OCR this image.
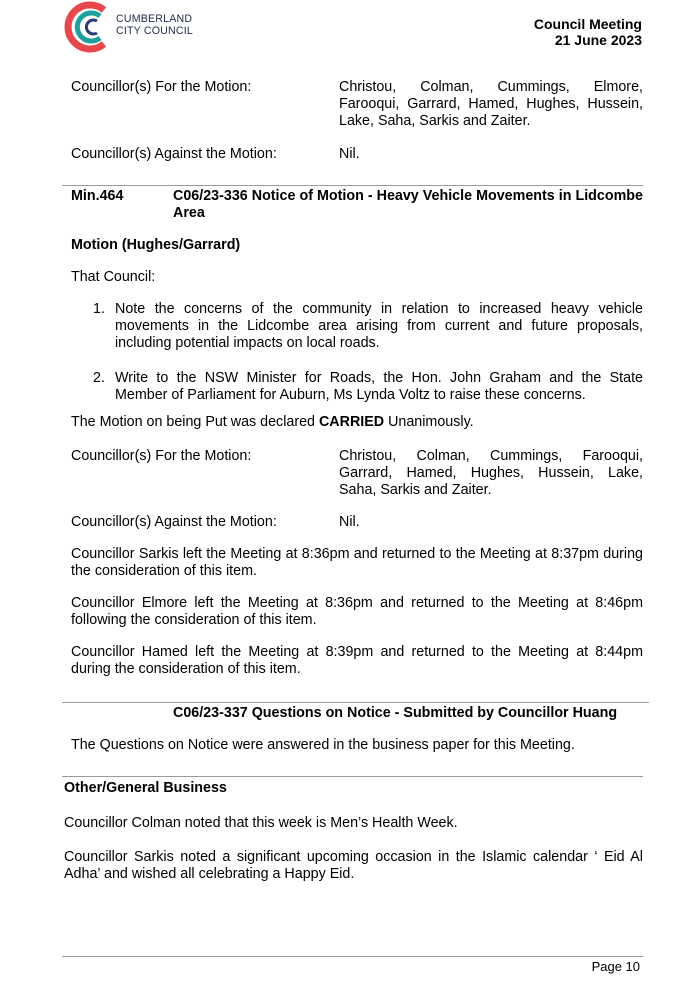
CUMBERLAND
CITY COUNCIL	Council Meeting
21 June 2023
Councillor(s) For the Motion:	Christou, Colman, Cummings, Elmore, Farooqui, Garrard, Hamed, Hughes, Hussein, Lake, Saha, Sarkis and Zaiter.
Councillor(s) Against the Motion:	Nil.
Min.464	C06/23-336 Notice of Motion - Heavy Vehicle Movements in Lidcombe Area
Motion (Hughes/Garrard)
That Council:
1. Note the concerns of the community in relation to increased heavy vehicle movements in the Lidcombe area arising from current and future proposals, including potential impacts on local roads.
2. Write to the NSW Minister for Roads, the Hon. John Graham and the State Member of Parliament for Auburn, Ms Lynda Voltz to raise these concerns.
The Motion on being Put was declared CARRIED Unanimously.
Councillor(s) For the Motion:	Christou, Colman, Cummings, Farooqui, Garrard, Hamed, Hughes, Hussein, Lake, Saha, Sarkis and Zaiter.
Councillor(s) Against the Motion:	Nil.
Councillor Sarkis left the Meeting at 8:36pm and returned to the Meeting at 8:37pm during the consideration of this item.
Councillor Elmore left the Meeting at 8:36pm and returned to the Meeting at 8:46pm following the consideration of this item.
Councillor Hamed left the Meeting at 8:39pm and returned to the Meeting at 8:44pm during the consideration of this item.
C06/23-337 Questions on Notice - Submitted by Councillor Huang
The Questions on Notice were answered in the business paper for this Meeting.
Other/General Business
Councillor Colman noted that this week is Men’s Health Week.
Councillor Sarkis noted a significant upcoming occasion in the Islamic calendar ‘ Eid Al Adha’ and wished all celebrating a Happy Eid.
Page 10
